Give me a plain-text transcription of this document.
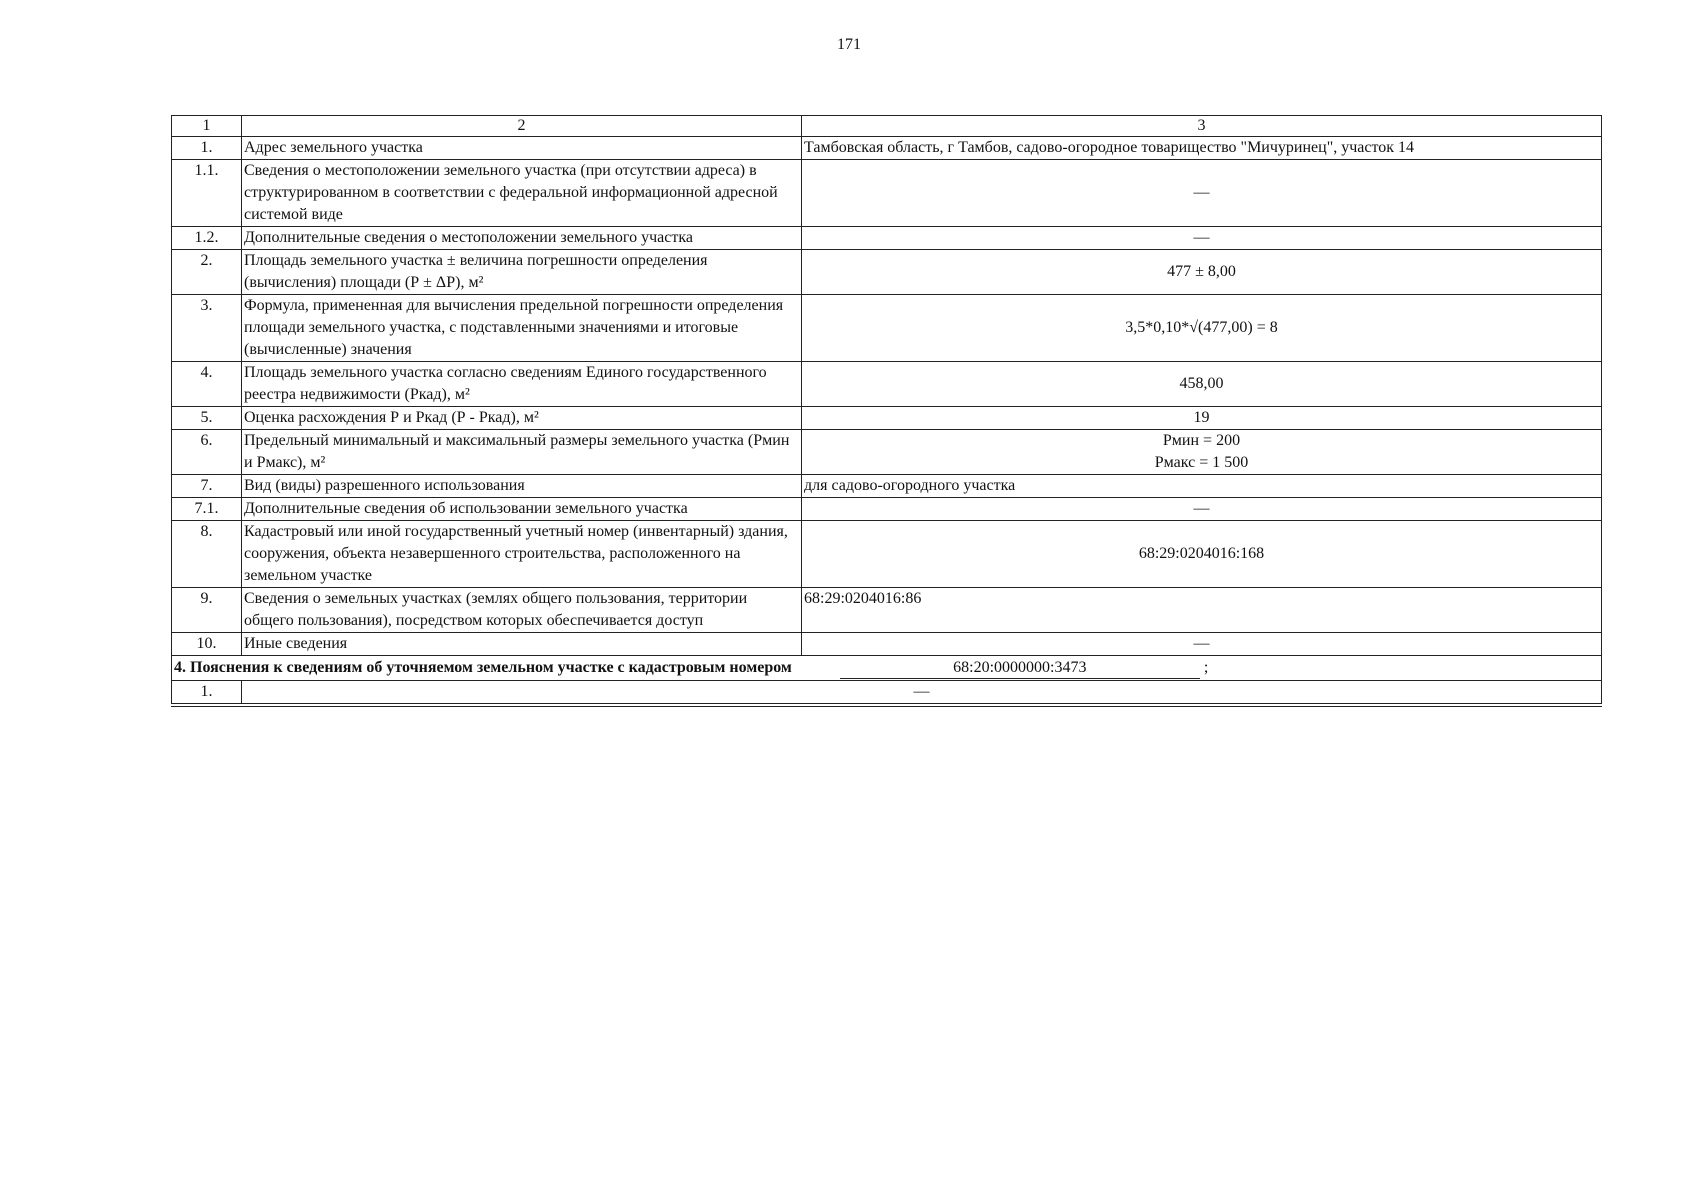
171
1	2	3
1.	Адрес земельного участка	Тамбовская область, г Тамбов, садово-огородное товарищество "Мичуринец", участок 14
1.1.	Сведения о местоположении земельного участка (при отсутствии адреса) в структурированном в соответствии с федеральной информационной адресной системой виде	—
1.2.	Дополнительные сведения о местоположении земельного участка	—
2.	Площадь земельного участка ± величина погрешности определения (вычисления) площади (Р ± ΔР), м²	477 ± 8,00
3.	Формула, примененная для вычисления предельной погрешности определения площади земельного участка, с подставленными значениями и итоговые (вычисленные) значения	3,5*0,10*√(477,00) = 8
4.	Площадь земельного участка согласно сведениям Единого государственного реестра недвижимости (Ркад), м²	458,00
5.	Оценка расхождения Р и Ркад (Р - Ркад), м²	19
6.	Предельный минимальный и максимальный размеры земельного участка (Рмин и Рмакс), м²	Рмин = 200
Рмакс = 1 500

7.	Вид (виды) разрешенного использования	для садово-огородного участка
7.1.	Дополнительные сведения об использовании земельного участка	—
8.	Кадастровый или иной государственный учетный номер (инвентарный) здания, сооружения, объекта незавершенного строительства, расположенного на земельном участке	68:29:0204016:168
9.	Сведения о земельных участках (землях общего пользования, территории общего пользования), посредством которых обеспечивается доступ	68:29:0204016:86
10.	Иные сведения	—

4. Пояснения к сведениям об уточняемом земельном участке с кадастровым номером 68:20:0000000:3473 ;		

1.	—	
